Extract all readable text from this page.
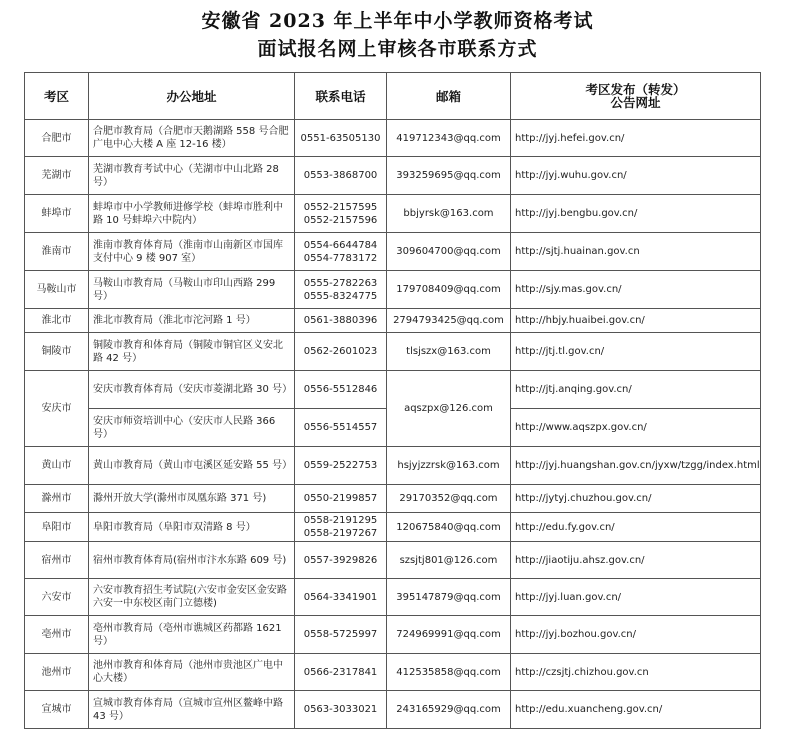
安徽省 2023 年上半年中小学教师资格考试
面试报名网上审核各市联系方式
考区	办公地址	联系电话	邮箱	考区发布（转发）
公告网址

合肥市	合肥市教育局（合肥市天鹅湖路 558 号合肥广电中心大楼 A 座 12-16 楼）	0551-63505130	419712343@qq.com	http://jyj.hefei.gov.cn/
芜湖市	芜湖市教育考试中心（芜湖市中山北路 28 号）	0553-3868700	393259695@qq.com	http://jyj.wuhu.gov.cn/
蚌埠市	蚌埠市中小学教师进修学校（蚌埠市胜利中路 10 号蚌埠六中院内）	0552-2157595
0552-2157596	bbjyrsk@163.com	http://jyj.bengbu.gov.cn/
淮南市	淮南市教育体育局（淮南市山南新区市国库支付中心 9 楼 907 室）	0554-6644784
0554-7783172	309604700@qq.com	http://sjtj.huainan.gov.cn
马鞍山市	马鞍山市教育局（马鞍山市印山西路 299 号）	0555-2782263
0555-8324775	179708409@qq.com	http://sjy.mas.gov.cn/
淮北市	淮北市教育局（淮北市沱河路 1 号）	0561-3880396	2794793425@qq.com	http://hbjy.huaibei.gov.cn/
铜陵市	铜陵市教育和体育局（铜陵市铜官区义安北路 42 号）	0562-2601023	tlsjszx@163.com	http://jtj.tl.gov.cn/
安庆市	安庆市教育体育局（安庆市菱湖北路 30 号）	0556-5512846	aqszpx@126.com	http://jtj.anqing.gov.cn/
	安庆市师资培训中心（安庆市人民路 366 号）	0556-5514557		http://www.aqszpx.gov.cn/
黄山市	黄山市教育局（黄山市屯溪区延安路 55 号）	0559-2522753	hsjyjzzrsk@163.com	http://jyj.huangshan.gov.cn/jyxw/tzgg/index.html
滁州市	滁州开放大学(滁州市凤凰东路 371 号)	0550-2199857	29170352@qq.com	http://jytyj.chuzhou.gov.cn/
阜阳市	阜阳市教育局（阜阳市双清路 8 号）	0558-2191295
0558-2197267	120675840@qq.com	http://edu.fy.gov.cn/
宿州市	宿州市教育体育局(宿州市汴水东路 609 号)	0557-3929826	szsjtj801@126.com	http://jiaotiju.ahsz.gov.cn/
六安市	六安市教育招生考试院(六安市金安区金安路六安一中东校区南门立德楼)	0564-3341901	395147879@qq.com	http://jyj.luan.gov.cn/
亳州市	亳州市教育局（亳州市谯城区药都路 1621 号）	0558-5725997	724969991@qq.com	http://jyj.bozhou.gov.cn/
池州市	池州市教育和体育局（池州市贵池区广电中心大楼）	0566-2317841	412535858@qq.com	http://czsjtj.chizhou.gov.cn
宣城市	宣城市教育体育局（宣城市宣州区鳌峰中路 43 号）	0563-3033021	243165929@qq.com	http://edu.xuancheng.gov.cn/
